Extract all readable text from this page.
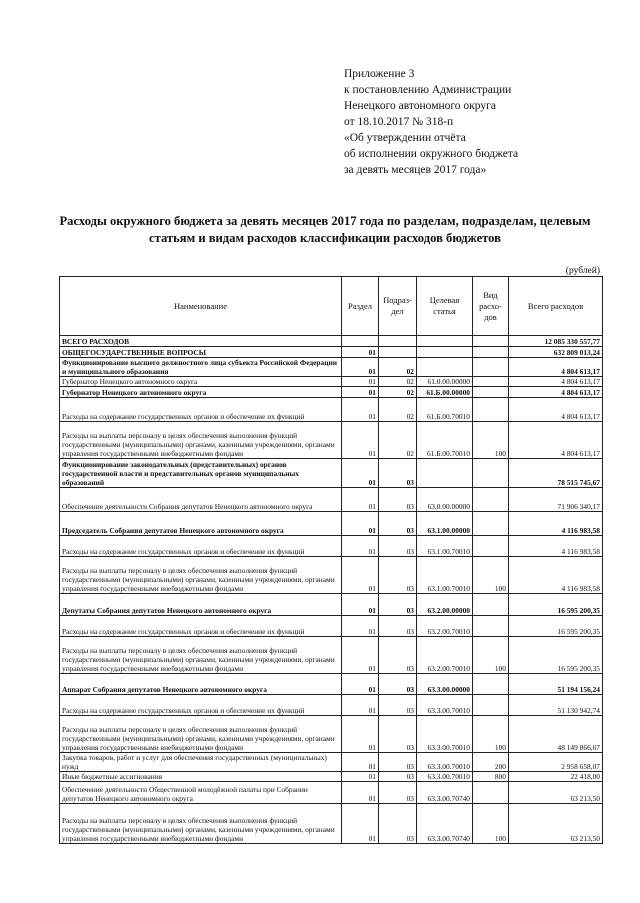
Приложение 3
к постановлению Администрации
Ненецкого автономного округа
от 18.10.2017 № 318-п
«Об утверждении отчёта
об исполнении окружного бюджета
за девять месяцев 2017 года»
Расходы окружного бюджета за девять месяцев 2017 года по разделам, подразделам, целевым статьям и видам расходов классификации расходов бюджетов
(рублей)
Наименование	Раздел	Подраз-дел	Целевая статья	Вид расхо-дов	Всего расходов
ВСЕГО РАСХОДОВ					12 085 330 557,77
ОБЩЕГОСУДАРСТВЕННЫЕ ВОПРОСЫ	01				632 809 013,24
Функционирование высшего должностного лица субъекта Российской Федерации и муниципального образования	01	02			4 804 613,17
Губернатор Ненецкого автономного округа	01	02	61.0.00.00000		4 804 613,17
Губернатор Ненецкого автономного округа	01	02	61.Б.00.00000		4 804 613,17
Расходы на содержание государственных органов и обеспечение их функций	01	02	61.Б.00.70010		4 804 613,17
Расходы на выплаты персоналу в целях обеспечения выполнения функций государственными (муниципальными) органами, казенными учреждениями, органами управления государственными внебюджетными фондами	01	02	61.Б.00.70010	100	4 804 613,17
Функционирование законодательных (представительных) органов государственной власти и представительных органов муниципальных образований	01	03			78 515 745,67
Обеспечение деятельности Собрания депутатов Ненецкого автономного округа	01	03	63.0.00.00000		71 906 340,17
Председатель Собрания депутатов Ненецкого автономного округа	01	03	63.1.00.00000		4 116 983,58
Расходы на содержание государственных органов и обеспечение их функций	01	03	63.1.00.70010		4 116 983,58
Расходы на выплаты персоналу в целях обеспечения выполнения функций государственными (муниципальными) органами, казенными учреждениями, органами управления государственными внебюджетными фондами	01	03	63.1.00.70010	100	4 116 983,58
Депутаты Собрания депутатов Ненецкого автономного округа	01	03	63.2.00.00000		16 595 200,35
Расходы на содержание государственных органов и обеспечение их функций	01	03	63.2.00.70010		16 595 200,35
Расходы на выплаты персоналу в целях обеспечения выполнения функций государственными (муниципальными) органами, казенными учреждениями, органами управления государственными внебюджетными фондами	01	03	63.2.00.70010	100	16 595 200,35
Аппарат Собрания депутатов Ненецкого автономного округа	01	03	63.3.00.00000		51 194 156,24
Расходы на содержание государственных органов и обеспечение их функций	01	03	63.3.00.70010		51 130 942,74
Расходы на выплаты персоналу в целях обеспечения выполнения функций государственными (муниципальными) органами, казенными учреждениями, органами управления государственными внебюджетными фондами	01	03	63.3.00.70010	100	48 149 866,67
Закупка товаров, работ и услуг для обеспечения государственных (муниципальных) нужд	01	03	63.3.00.70010	200	2 958 658,07
Иные бюджетные ассигнования	01	03	63.3.00.70010	800	22 418,00
Обеспечение деятельности Общественной молодёжной палаты при Собрании депутатов Ненецкого автономного округа	01	03	63.3.00.70740		63 213,50
Расходы на выплаты персоналу в целях обеспечения выполнения функций государственными (муниципальными) органами, казенными учреждениями, органами управления государственными внебюджетными фондами	01	03	63.3.00.70740	100	63 213,50
